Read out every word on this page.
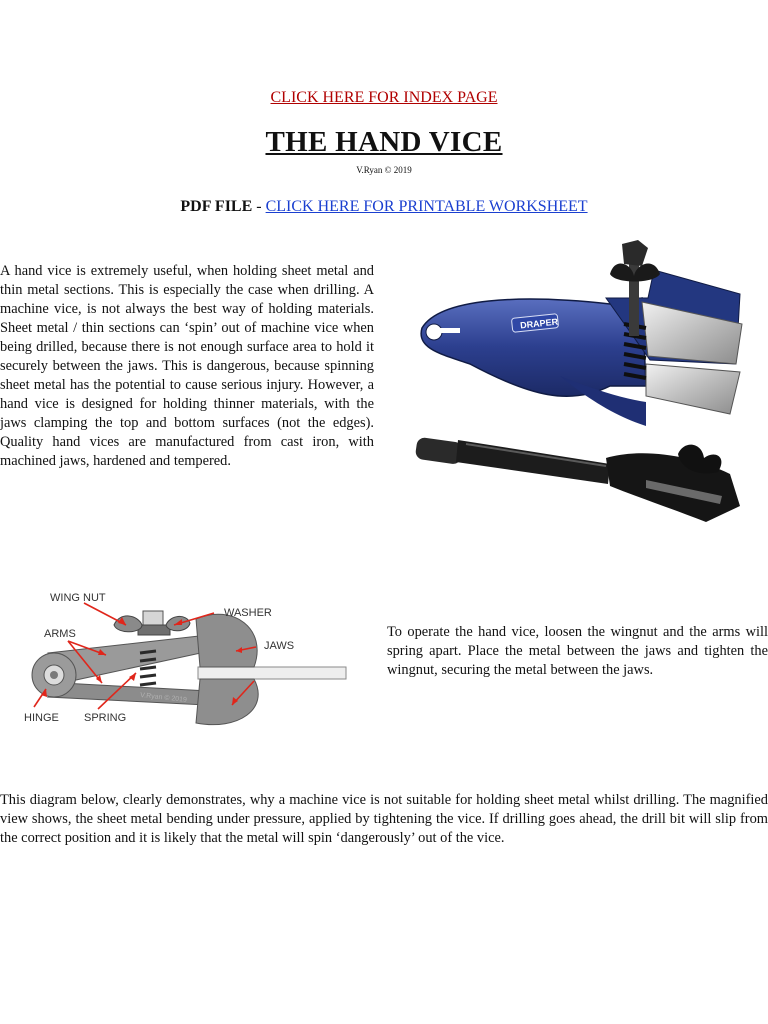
CLICK HERE FOR INDEX PAGE
THE HAND VICE
V.Ryan © 2019
PDF FILE - CLICK HERE FOR PRINTABLE WORKSHEET

A hand vice is extremely useful, when holding sheet metal and thin metal sections. This is especially the case when drilling. A machine vice, is not always the best way of holding materials. Sheet metal / thin sections can ‘spin’ out of machine vice when being drilled, because there is not enough surface area to hold it securely between the jaws. This is dangerous, because spinning sheet metal has the potential to cause serious injury. However, a hand vice is designed for holding thinner materials, with the jaws clamping the top and bottom surfaces (not the edges). Quality hand vices are manufactured from cast iron, with machined jaws, hardened and tempered.

DRAPER
V.Ryan © 2019
WING NUT
WASHER
ARMS
JAWS
HINGE SPRING

To operate the hand vice, loosen the wingnut and the arms will spring apart. Place the metal between the jaws and tighten the wingnut, securing the metal between the jaws.

This diagram below, clearly demonstrates, why a machine vice is not suitable for holding sheet metal whilst drilling. The magnified view shows, the sheet metal bending under pressure, applied by tightening the vice. If drilling goes ahead, the drill bit will slip from the correct position and it is likely that the metal will spin ‘dangerously’ out of the vice.
